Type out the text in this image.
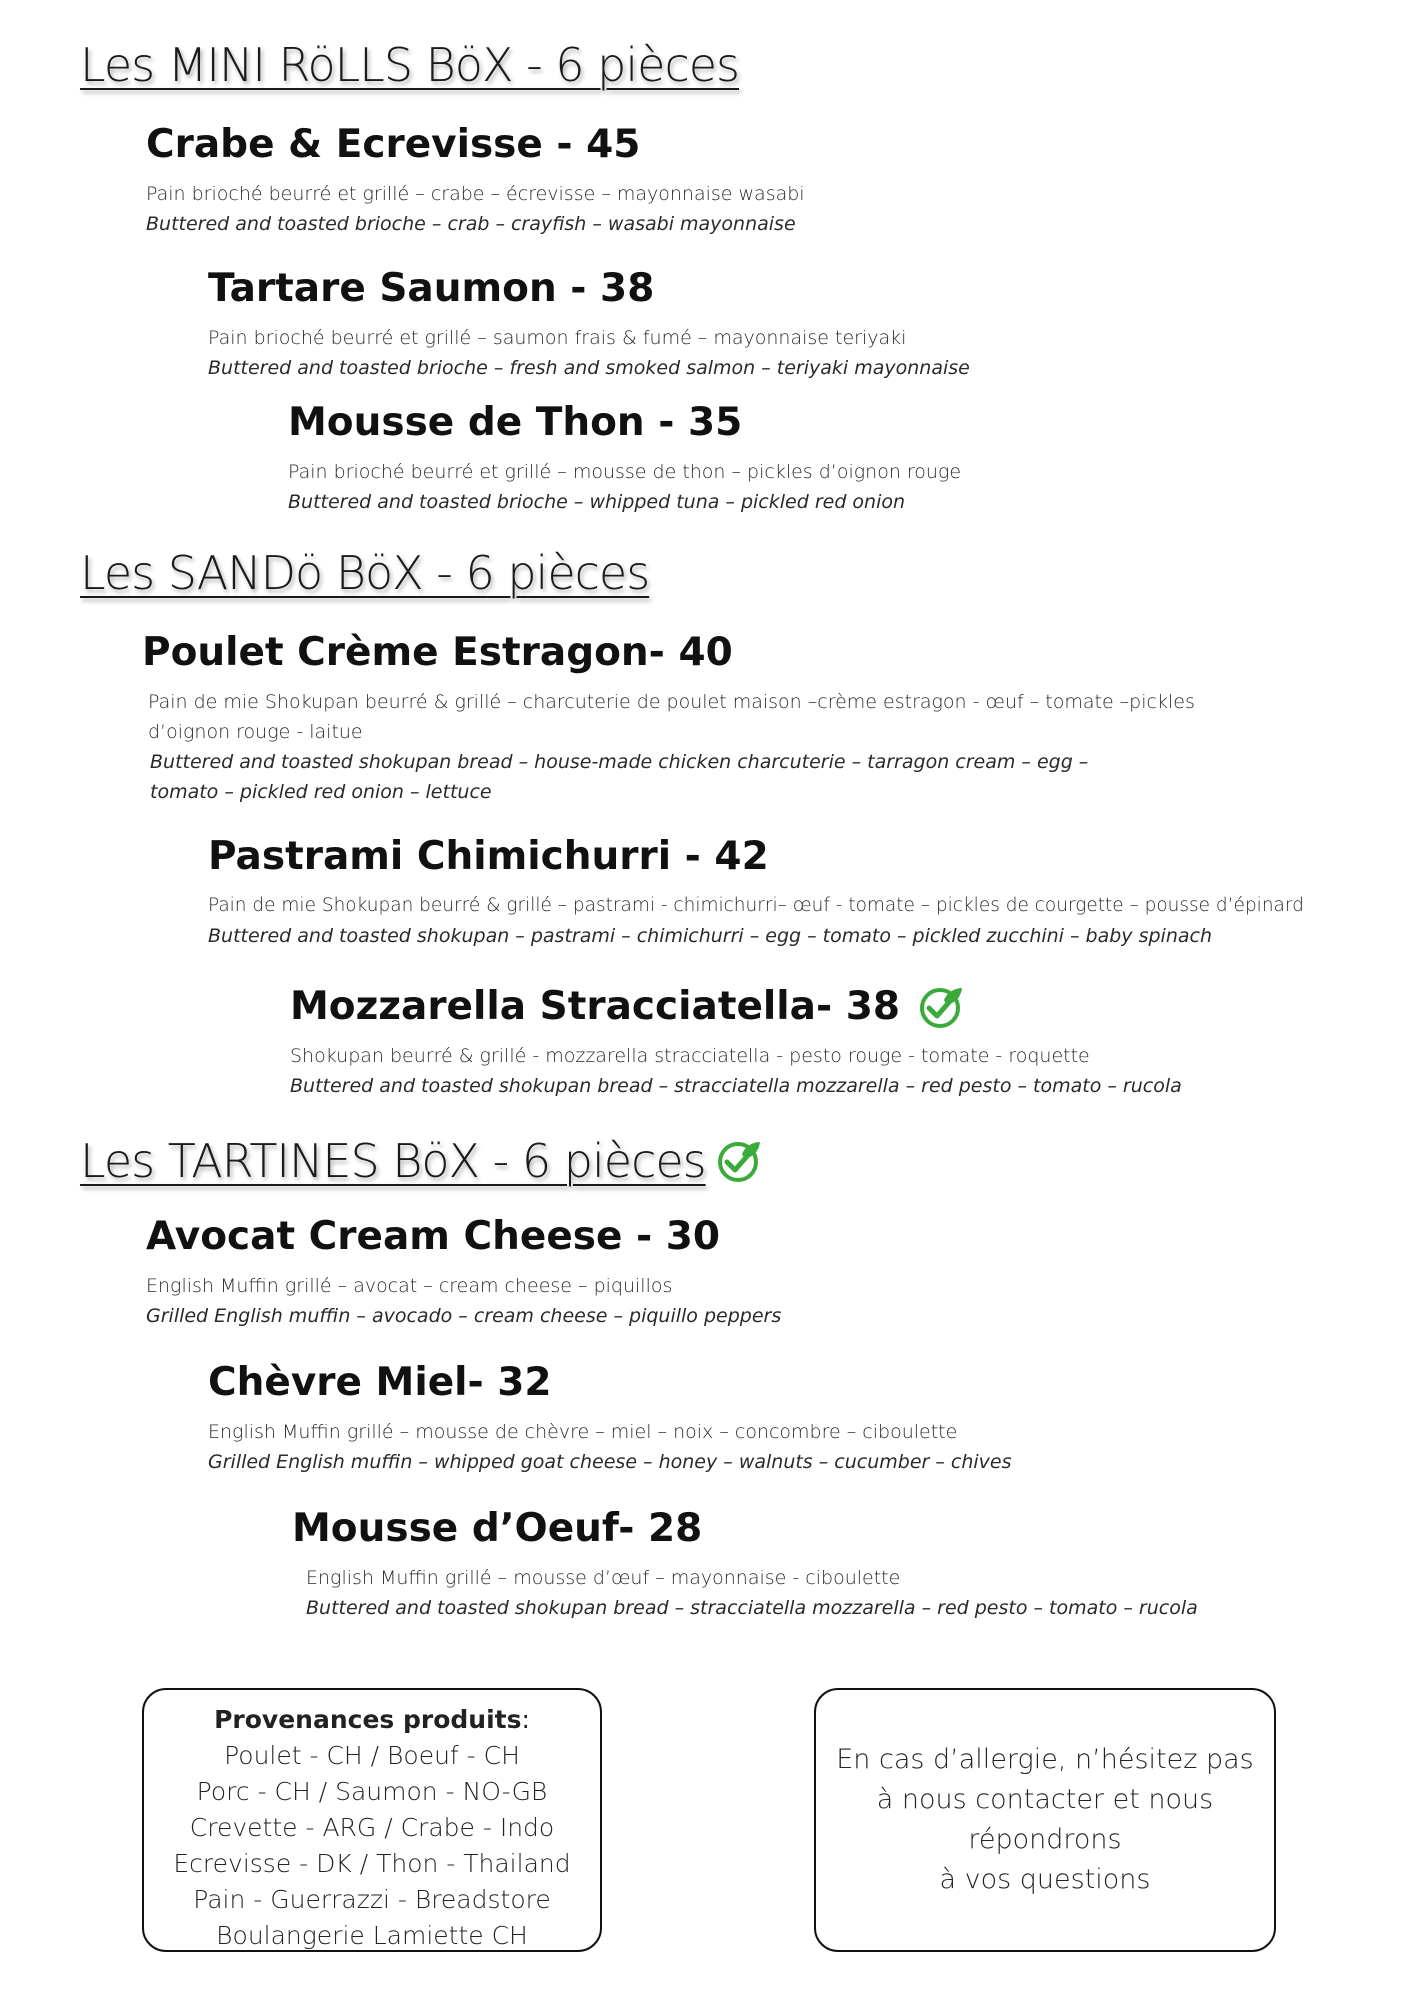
Les MINI RöLLS BöX - 6 pièces

Crabe & Ecrevisse - 45

Pain brioché beurré et grillé – crabe – écrevisse – mayonnaise wasabi

Buttered and toasted brioche – crab – crayfish – wasabi mayonnaise

Tartare Saumon - 38

Pain brioché beurré et grillé – saumon frais & fumé – mayonnaise teriyaki

Buttered and toasted brioche – fresh and smoked salmon – teriyaki mayonnaise

Mousse de Thon - 35

Pain brioché beurré et grillé – mousse de thon – pickles d’oignon rouge

Buttered and toasted brioche – whipped tuna – pickled red onion

Les SANDö BöX - 6 pièces

Poulet Crème Estragon- 40

Pain de mie Shokupan beurré & grillé – charcuterie de poulet maison –crème estragon - œuf – tomate –pickles d’oignon rouge - laitue

Buttered and toasted shokupan bread – house-made chicken charcuterie – tarragon cream – egg – tomato – pickled red onion – lettuce

Pastrami Chimichurri - 42

Pain de mie Shokupan beurré & grillé – pastrami - chimichurri– œuf - tomate – pickles de courgette – pousse d’épinard

Buttered and toasted shokupan – pastrami – chimichurri – egg – tomato – pickled zucchini – baby spinach

Mozzarella Stracciatella- 38

Shokupan beurré & grillé - mozzarella stracciatella - pesto rouge - tomate - roquette

Buttered and toasted shokupan bread – stracciatella mozzarella – red pesto – tomato – rucola

Les TARTINES BöX - 6 pièces

Avocat Cream Cheese - 30

English Muffin grillé – avocat – cream cheese – piquillos

Grilled English muffin – avocado – cream cheese – piquillo peppers

Chèvre Miel- 32

English Muffin grillé – mousse de chèvre – miel – noix – concombre – ciboulette

Grilled English muffin – whipped goat cheese – honey – walnuts – cucumber – chives

Mousse d’Oeuf- 28

English Muffin grillé – mousse d’œuf – mayonnaise - ciboulette

Buttered and toasted shokupan bread – stracciatella mozzarella – red pesto – tomato – rucola

Provenances produits:

Poulet - CH / Boeuf - CH

Porc - CH / Saumon - NO-GB

Crevette - ARG / Crabe - Indo

Ecrevisse - DK / Thon - Thailand

Pain - Guerrazzi - Breadstore

Boulangerie Lamiette CH

En cas d’allergie, n’hésitez pas

à nous contacter et nous

répondrons

à vos questions
